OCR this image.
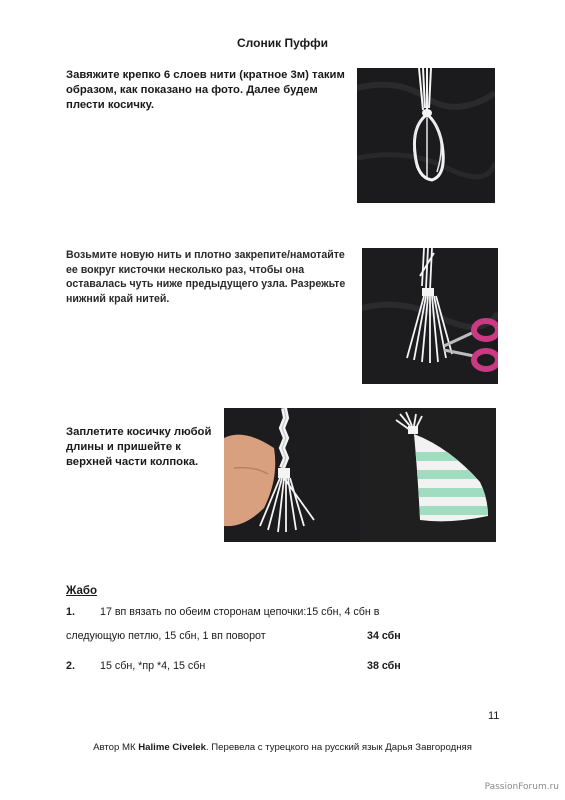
Слоник Пуффи
Завяжите крепко 6 слоев нити (кратное 3м) таким образом, как показано на фото. Далее будем плести косичку.
Возьмите новую нить и плотно закрепите/намотайте ее вокруг кисточки несколько раз, чтобы она оставалась чуть ниже предыдущего узла. Разрежьте нижний край нитей.
Заплетите косичку любой длины и пришейте к верхней части колпока.
Жабо
1. 17 вп вязать по обеим сторонам цепочки:15 сбн, 4 сбн в
следующую петлю, 15 сбн, 1 вп поворот	34 сбн
2. 15 сбн, *пр *4, 15 сбн	38 сбн
11
Автор МК Halime Civelek. Перевела с турецкого на русский язык Дарья Завгородняя
PassionForum.ru
